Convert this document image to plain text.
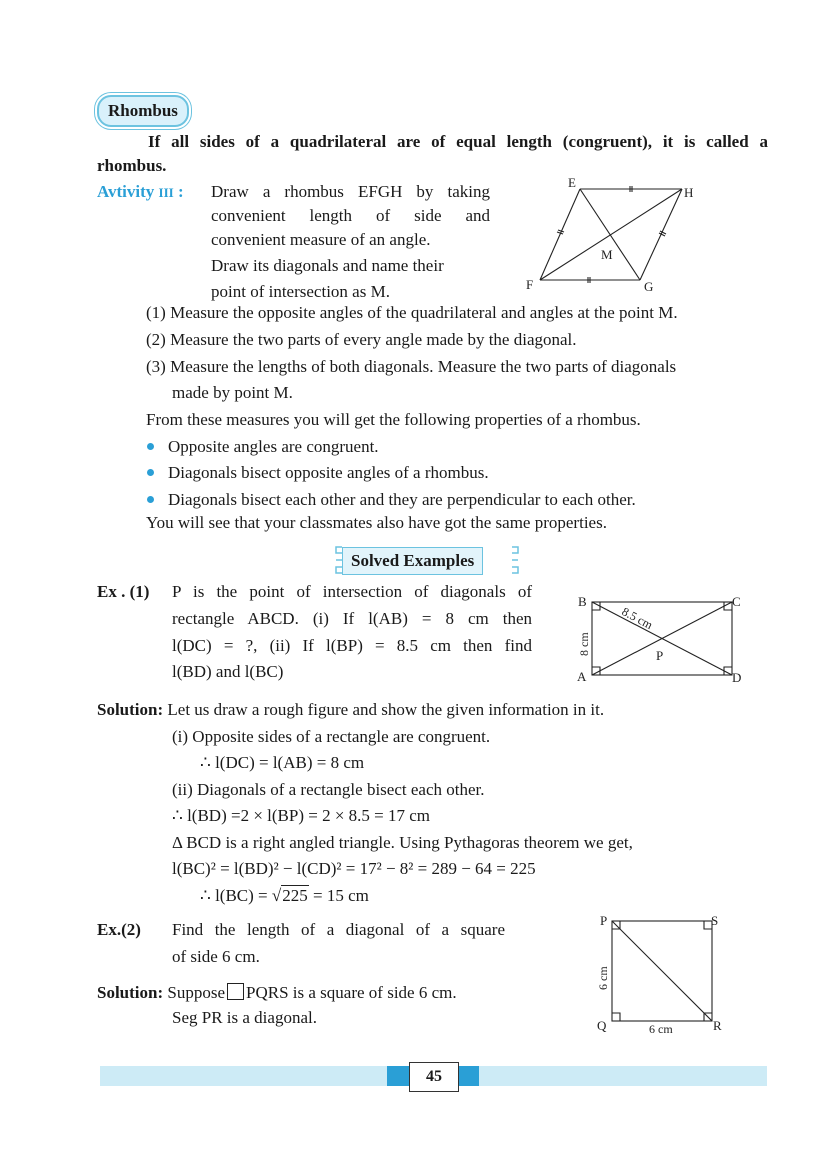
Rhombus
If all sides of a quadrilateral are of equal length (congruent), it is called a
rhombus.
Avtivity III : Draw a rhombus EFGH by taking
convenient length of side and
convenient measure of an angle.
Draw its diagonals and name their
point of intersection as M.
E
H
F	G
M
(1) Measure the opposite angles of the quadrilateral and angles at the point M.
(2) Measure the two parts of every angle made by the diagonal.
(3) Measure the lengths of both diagonals. Measure the two parts of diagonals
made by point M.
From these measures you will get the following properties of a rhombus.
Opposite angles are congruent.
Diagonals bisect opposite angles of a rhombus.
Diagonals bisect each other and they are perpendicular to each other.
You will see that your classmates also have got the same properties.
Solved Examples
Ex . (1) P is the point of intersection of diagonals of
rectangle ABCD. (i) If l(AB) = 8 cm then
l(DC) = ?, (ii) If l(BP) = 8.5 cm then find
l(BD) and l(BC)
B	C
A	D
P
8 cm
8.5 cm
Solution: Let us draw a rough figure and show the given information in it.
(i) Opposite sides of a rectangle are congruent.
∴ l(DC) = l(AB) = 8 cm
(ii) Diagonals of a rectangle bisect each other.
∴ l(BD) =2 × l(BP) = 2 × 8.5 = 17 cm
Δ BCD is a right angled triangle. Using Pythagoras theorem we get,
l(BC)² = l(BD)² − l(CD)² = 17² − 8² = 289 − 64 = 225
∴ l(BC) = √225 = 15 cm
Ex.(2) Find the length of a diagonal of a square
of side 6 cm.
P	S
Q	R
6 cm
6 cm
Solution: Suppose PQRS is a square of side 6 cm.
Seg PR is a diagonal.
45
